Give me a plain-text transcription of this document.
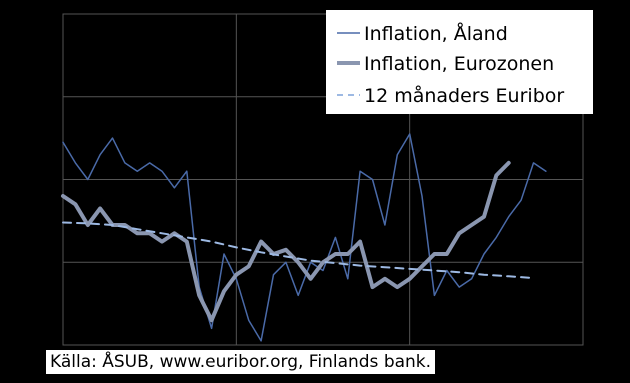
Inflation, Åland
Inflation, Eurozonen
12 månaders Euribor
Källa: ÅSUB, www.euribor.org, Finlands bank.
